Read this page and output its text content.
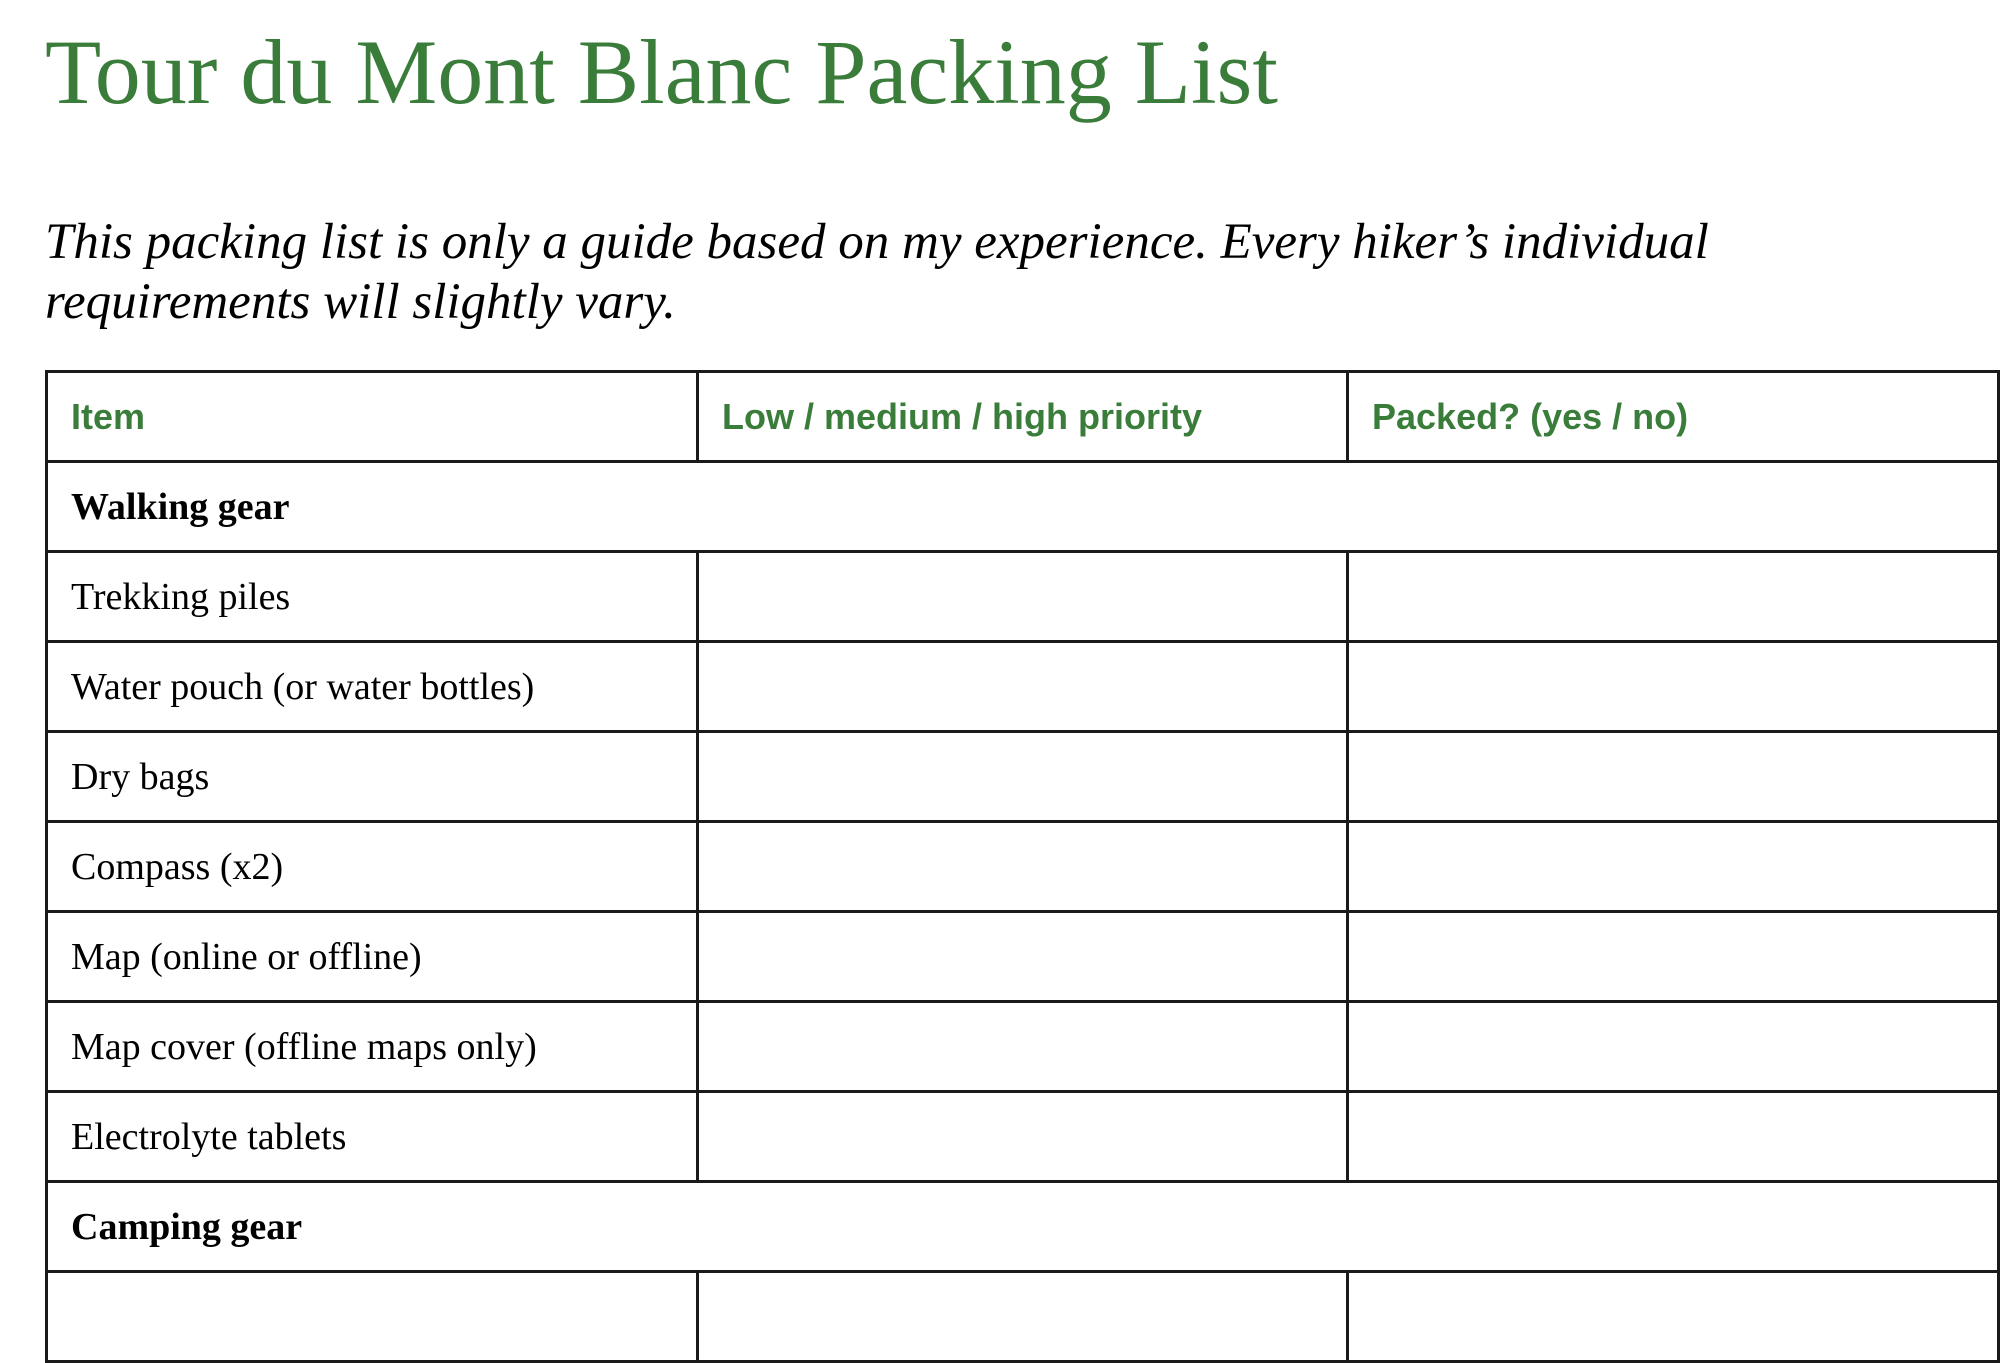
Tour du Mont Blanc Packing List

This packing list is only a guide based on my experience. Every hiker’s individual requirements will slightly vary.

Item	Low / medium / high priority	Packed? (yes / no)
Walking gear		
Trekking piles		
Water pouch (or water bottles)		
Dry bags		
Compass (x2)		
Map (online or offline)		
Map cover (offline maps only)		
Electrolyte tablets		
Camping gear		
